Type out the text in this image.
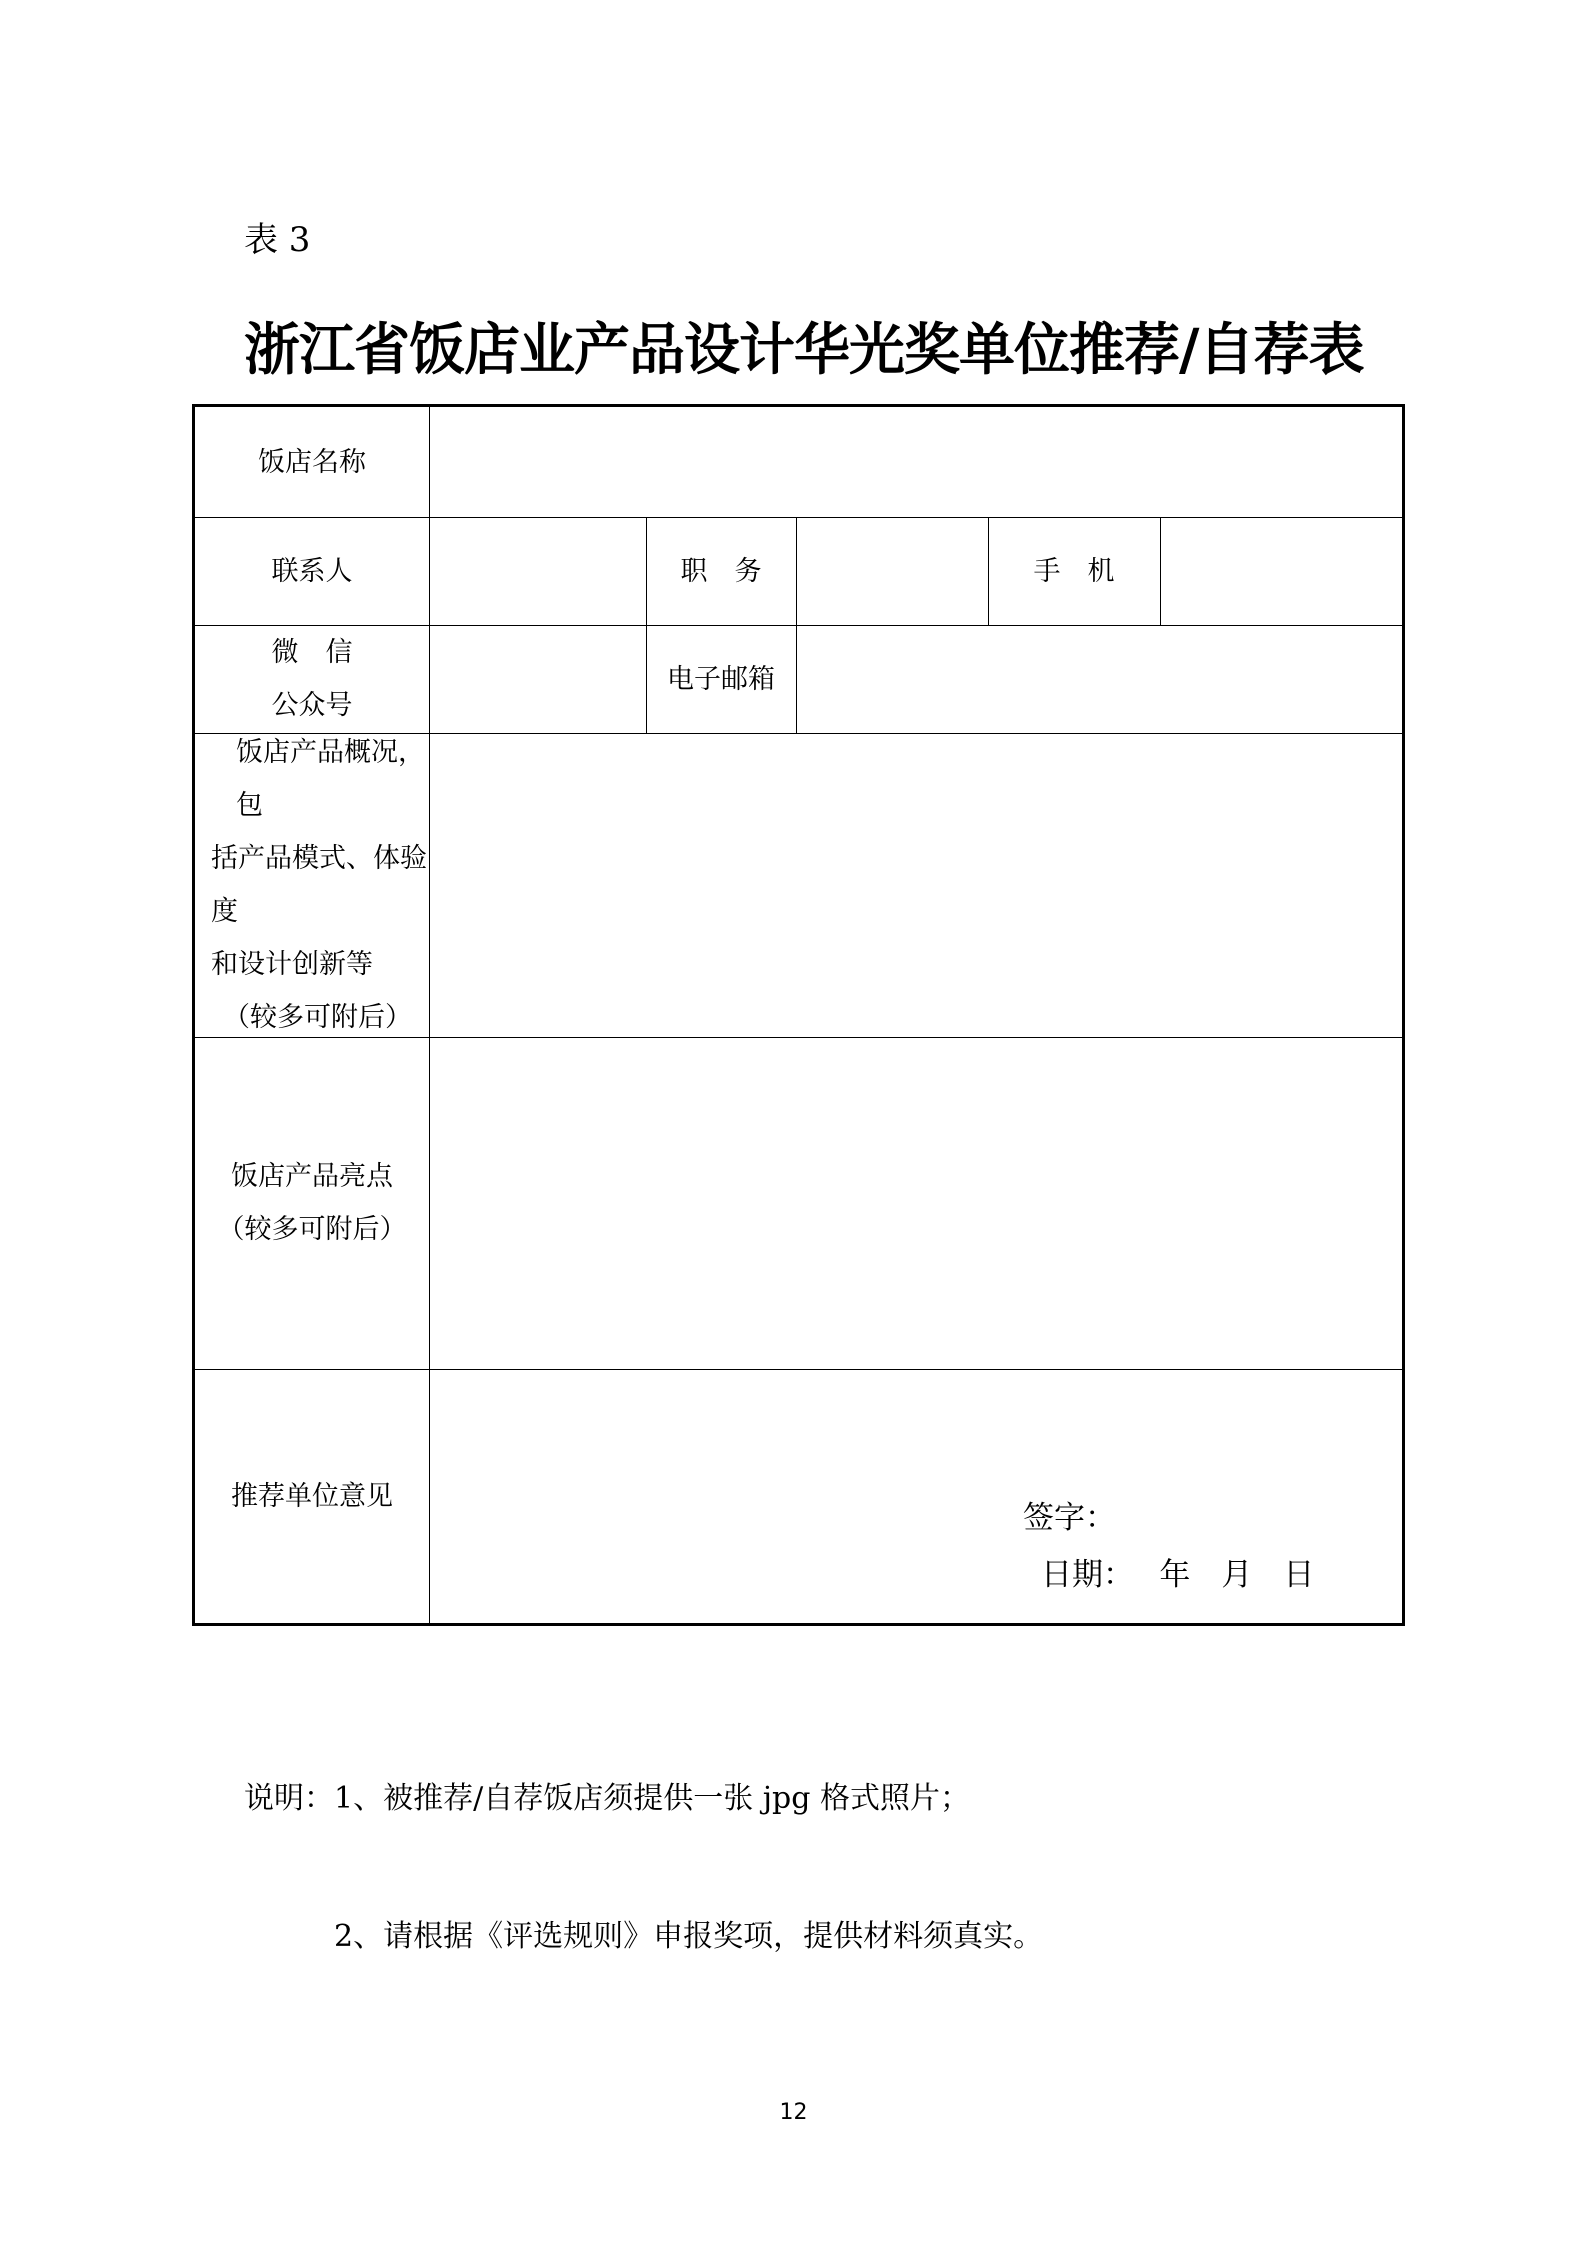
表 3
浙江省饭店业产品设计华光奖单位推荐/自荐表
饭店名称
联系人	职　务	手　机
微　信
公众号
电子邮箱
饭店产品概况，包
括产品模式、体验度
和设计创新等
（较多可附后）
饭店产品亮点
（较多可附后）
推荐单位意见
签字：
日期：　 年　月　日

说明：1、被推荐/自荐饭店须提供一张 jpg 格式照片；

　　　2、请根据《评选规则》申报奖项，提供材料须真实。

12
